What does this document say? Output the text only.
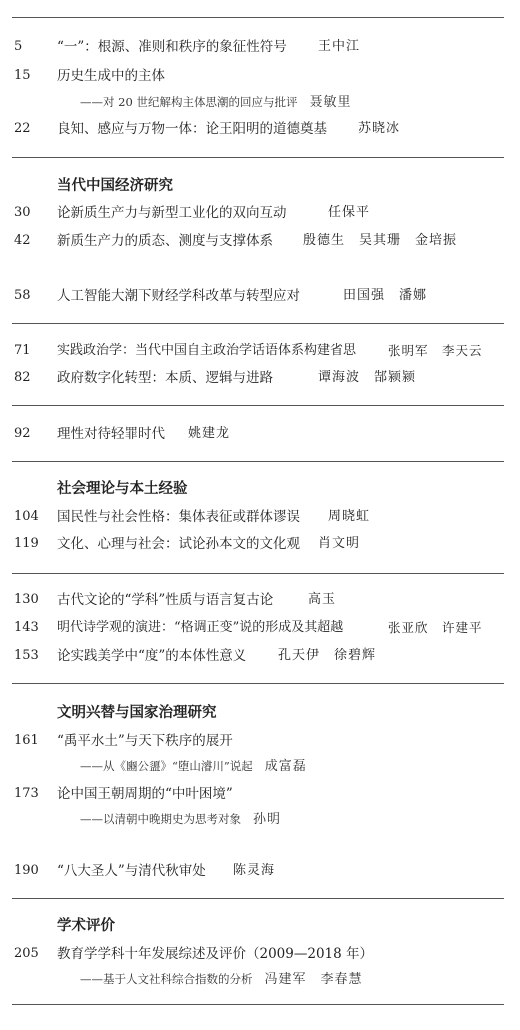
5	“一”：根源、准则和秩序的象征性符号 王中江
15 历史生成中的主体
——对 20 世纪解构主体思潮的回应与批评 聂敏里
22 良知、感应与万物一体：论王阳明的道德奠基 苏晓冰
当代中国经济研究
30 论新质生产力与新型工业化的双向互动	任保平
42 新质生产力的质态、测度与支撑体系 殷德生　吴其珊　金培振
58 人工智能大潮下财经学科改革与转型应对	田国强　潘娜
71 实践政治学：当代中国自主政治学话语体系构建省思	张明军　李天云
82 政府数字化转型：本质、逻辑与进路	谭海波　郜颍颍
92 理性对待轻罪时代 姚建龙
社会理论与本土经验
104 国民性与社会性格：集体表征或群体谬误 周晓虹
119 文化、心理与社会：试论孙本文的文化观 肖文明
130 古代文论的“学科”性质与语言复古论	高玉
143 明代诗学观的演进：“格调正变”说的形成及其超越	张亚欣　许建平
153 论实践美学中“度”的本体性意义 孔天伊　徐碧辉
文明兴替与国家治理研究
161 “禹平水土”与天下秩序的展开
——从《豳公盨》“堕山濬川”说起 成富磊
173 论中国王朝周期的“中叶困境”
——以清朝中晚期史为思考对象 孙明
190 “八大圣人”与清代秋审处 陈灵海
学术评价
205 教育学学科十年发展综述及评价（2009—2018 年）
——基于人文社科综合指数的分析 冯建军　李春慧
